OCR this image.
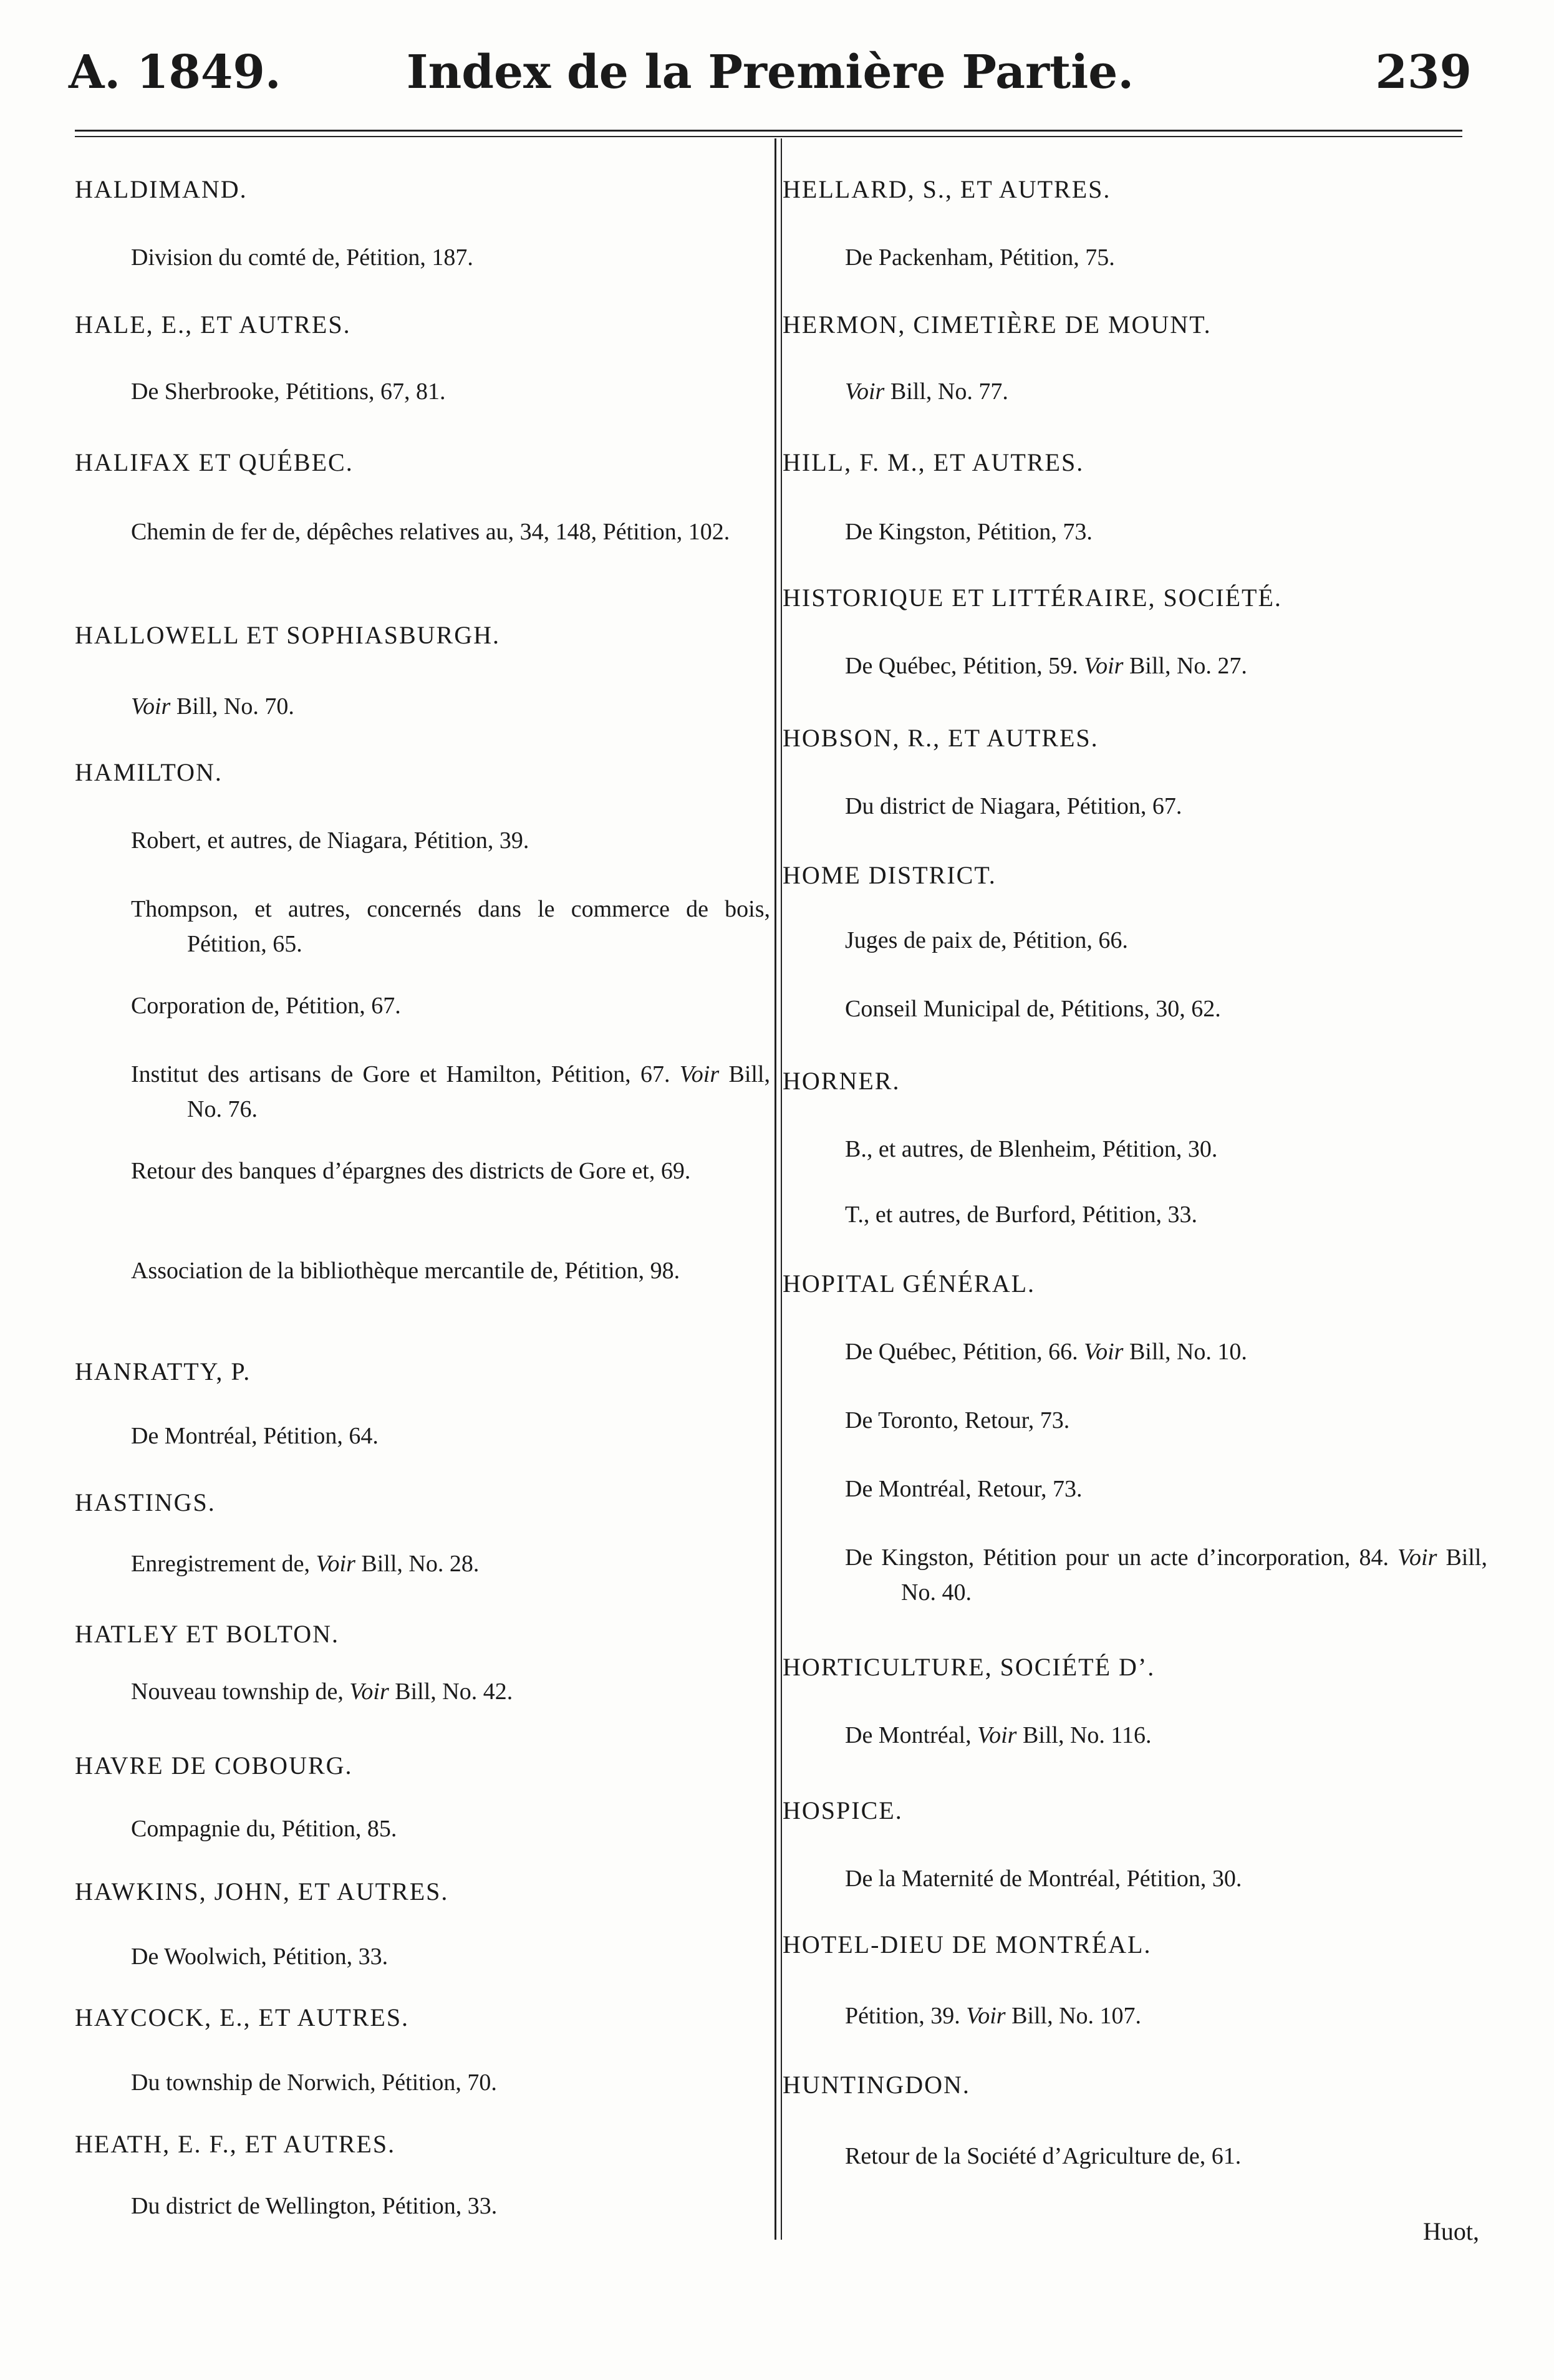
A. 1849.	Index de la Première Partie.	239
HALDIMAND.
Division du comté de, Pétition, 187.
HALE, E., ET AUTRES.
De Sherbrooke, Pétitions, 67, 81.
HALIFAX ET QUÉBEC.
Chemin de fer de, dépêches relatives au, 34, 148, Pétition, 102.
HALLOWELL ET SOPHIASBURGH.
Voir Bill, No. 70.
HAMILTON.
Robert, et autres, de Niagara, Pétition, 39.
Thompson, et autres, concernés dans le commerce de bois, Pétition, 65.
Corporation de, Pétition, 67.
Institut des artisans de Gore et Hamilton, Pétition, 67. Voir Bill, No. 76.
Retour des banques d’épargnes des districts de Gore et, 69.
Association de la bibliothèque mercantile de, Pétition, 98.
HANRATTY, P.
De Montréal, Pétition, 64.
HASTINGS.
Enregistrement de, Voir Bill, No. 28.
HATLEY ET BOLTON.
Nouveau township de, Voir Bill, No. 42.
HAVRE DE COBOURG.
Compagnie du, Pétition, 85.
HAWKINS, JOHN, ET AUTRES.
De Woolwich, Pétition, 33.
HAYCOCK, E., ET AUTRES.
Du township de Norwich, Pétition, 70.
HEATH, E. F., ET AUTRES.
Du district de Wellington, Pétition, 33.
HELLARD, S., ET AUTRES.
De Packenham, Pétition, 75.
HERMON, CIMETIÈRE DE MOUNT.
Voir Bill, No. 77.
HILL, F. M., ET AUTRES.
De Kingston, Pétition, 73.
HISTORIQUE ET LITTÉRAIRE, SOCIÉTÉ.
De Québec, Pétition, 59. Voir Bill, No. 27.
HOBSON, R., ET AUTRES.
Du district de Niagara, Pétition, 67.
HOME DISTRICT.
Juges de paix de, Pétition, 66.
Conseil Municipal de, Pétitions, 30, 62.
HORNER.
B., et autres, de Blenheim, Pétition, 30.
T., et autres, de Burford, Pétition, 33.
HOPITAL GÉNÉRAL.
De Québec, Pétition, 66. Voir Bill, No. 10.
De Toronto, Retour, 73.
De Montréal, Retour, 73.
De Kingston, Pétition pour un acte d’incorporation, 84. Voir Bill, No. 40.
HORTICULTURE, SOCIÉTÉ D’.
De Montréal, Voir Bill, No. 116.
HOSPICE.
De la Maternité de Montréal, Pétition, 30.
HOTEL-DIEU DE MONTRÉAL.
Pétition, 39. Voir Bill, No. 107.
HUNTINGDON.
Retour de la Société d’Agriculture de, 61.
Huot,
